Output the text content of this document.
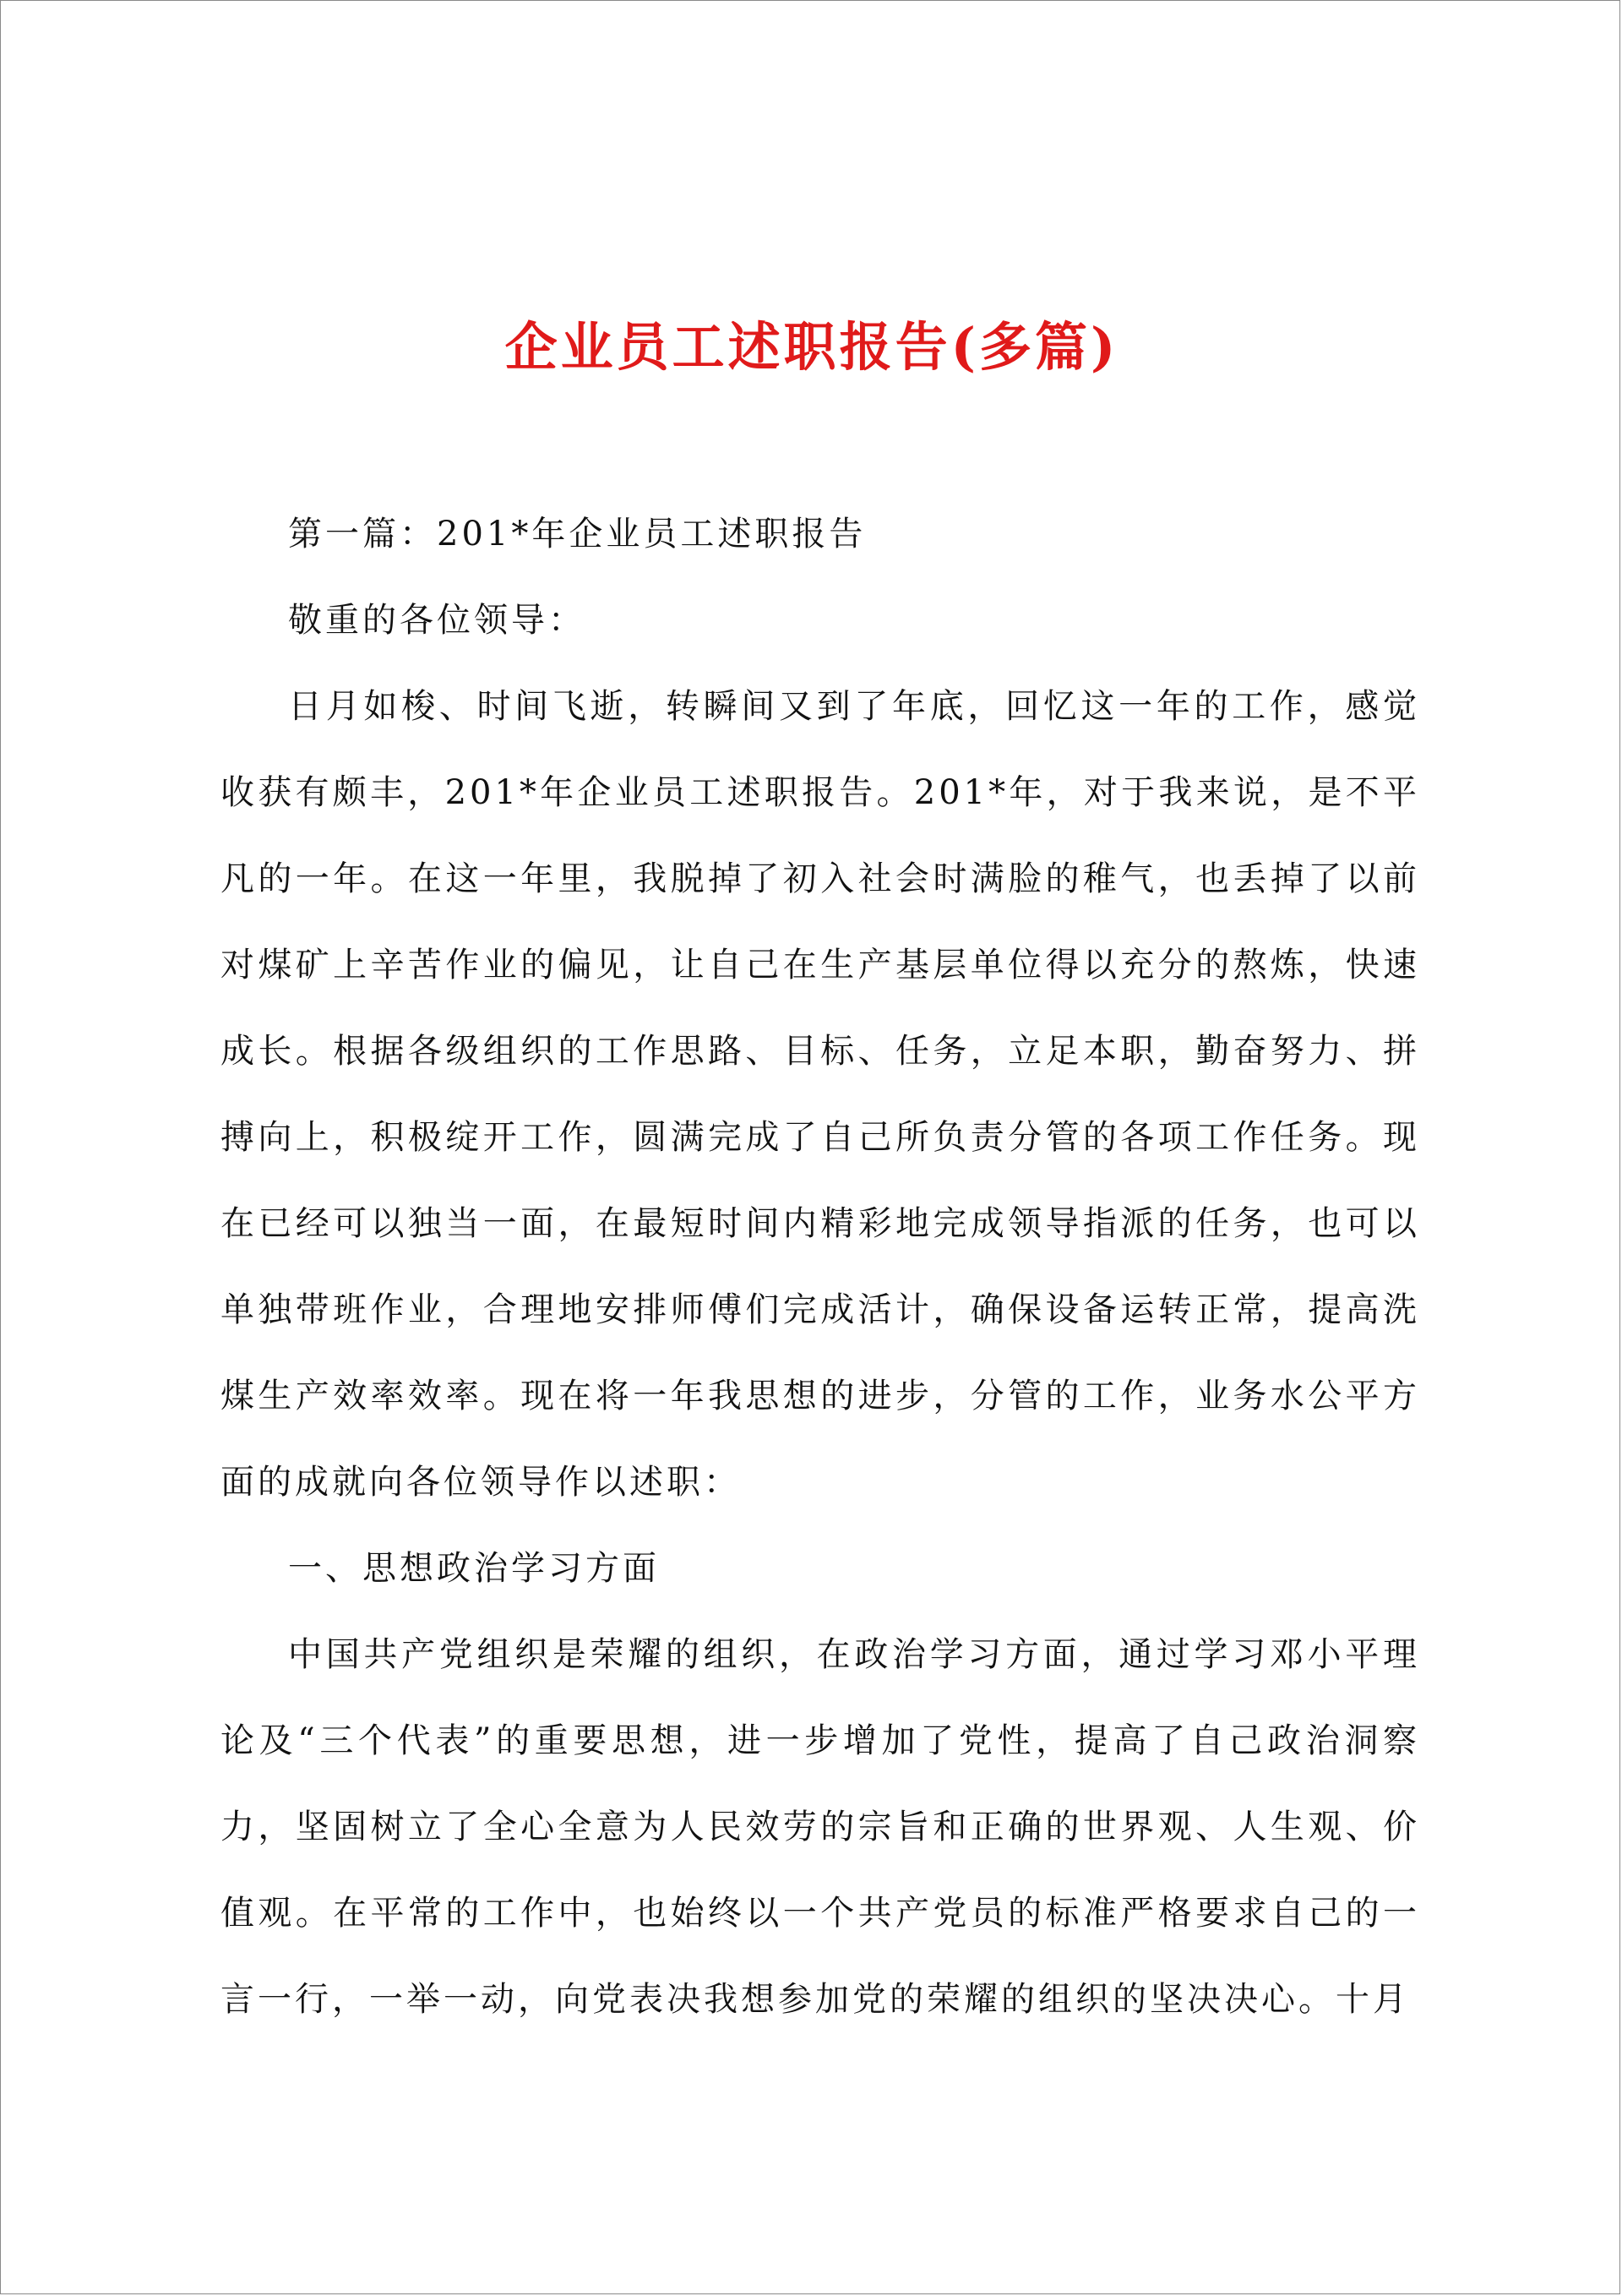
企业员工述职报告(多篇)

第一篇：201*年企业员工述职报告

敬重的各位领导：

日月如梭、时间飞逝，转瞬间又到了年底，回忆这一年的工作，感觉收获有颇丰，201*年企业员工述职报告。201*年，对于我来说，是不平凡的一年。在这一年里，我脱掉了初入社会时满脸的稚气，也丢掉了以前对煤矿上辛苦作业的偏见，让自己在生产基层单位得以充分的熬炼，快速成长。根据各级组织的工作思路、目标、任务，立足本职，勤奋努力、拼搏向上，积极绽开工作，圆满完成了自己所负责分管的各项工作任务。现在已经可以独当一面，在最短时间内精彩地完成领导指派的任务，也可以单独带班作业，合理地安排师傅们完成活计，确保设备运转正常，提高洗煤生产效率效率。现在将一年我思想的进步，分管的工作，业务水公平方面的成就向各位领导作以述职：

一、思想政治学习方面

中国共产党组织是荣耀的组织，在政治学习方面，通过学习邓小平理论及“三个代表”的重要思想，进一步增加了党性，提高了自己政治洞察力，坚固树立了全心全意为人民效劳的宗旨和正确的世界观、人生观、价值观。在平常的工作中，也始终以一个共产党员的标准严格要求自己的一言一行，一举一动，向党表决我想参加党的荣耀的组织的坚决决心。十月
